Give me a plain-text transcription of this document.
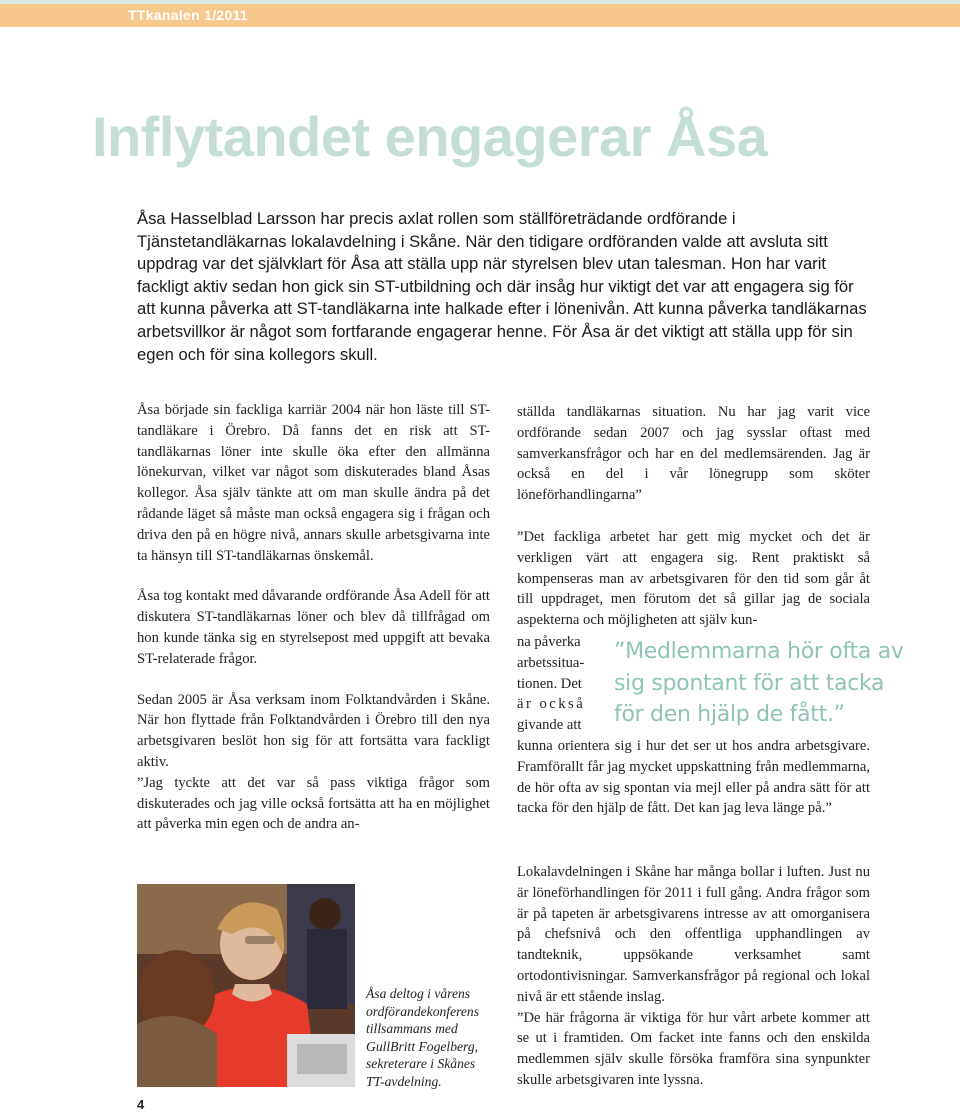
TTkanalen 1/2011
Inflytandet engagerar Åsa

Åsa Hasselblad Larsson har precis axlat rollen som ställföreträdande ordförande i Tjänstetandläkarnas lokalavdelning i Skåne. När den tidigare ordföranden valde att avsluta sitt uppdrag var det självklart för Åsa att ställa upp när styrelsen blev utan talesman. Hon har varit fackligt aktiv sedan hon gick sin ST-utbildning och där insåg hur viktigt det var att engagera sig för att kunna påverka att ST-tandläkarna inte halkade efter i lönenivån. Att kunna påverka tandläkarnas arbetsvillkor är något som fortfarande engagerar henne. För Åsa är det viktigt att ställa upp för sin egen och för sina kollegors skull.

Åsa började sin fackliga karriär 2004 när hon läste till ST-tandläkare i Örebro. Då fanns det en risk att ST-tandläkarnas löner inte skulle öka efter den allmänna lönekurvan, vilket var något som diskuterades bland Åsas kollegor. Åsa själv tänkte att om man skulle ändra på det rådande läget så måste man också engagera sig i frågan och driva den på en högre nivå, annars skulle arbetsgivarna inte ta hänsyn till ST-tandläkarnas önskemål.

Åsa tog kontakt med dåvarande ordförande Åsa Adell för att diskutera ST-tandläkarnas löner och blev då tillfrågad om hon kunde tänka sig en styrelsepost med uppgift att bevaka ST-relaterade frågor.

Sedan 2005 är Åsa verksam inom Folktandvården i Skåne. När hon flyttade från Folktandvården i Örebro till den nya arbetsgivaren beslöt hon sig för att fortsätta vara fackligt aktiv.

”Jag tyckte att det var så pass viktiga frågor som diskuterades och jag ville också fortsätta att ha en möjlighet att påverka min egen och de andra an-

ställda tandläkarnas situation. Nu har jag varit vice ordförande sedan 2007 och jag sysslar oftast med samverkansfrågor och har en del medlemsärenden. Jag är också en del i vår lönegrupp som sköter löneförhandlingarna”

”Det fackliga arbetet har gett mig mycket och det är verkligen värt att engagera sig. Rent praktiskt så kompenseras man av arbetsgivaren för den tid som går åt till uppdraget, men förutom det så gillar jag de sociala aspekterna och möjligheten att själv kun-

na påverka
arbetssitua-
tionen. Det
är också
givande att

”Medlemmarna hör ofta av sig spontant för att tacka för den hjälp de fått.”

kunna orientera sig i hur det ser ut hos andra arbetsgivare. Framförallt får jag mycket uppskattning från medlemmarna, de hör ofta av sig spontan via mejl eller på andra sätt för att tacka för den hjälp de fått. Det kan jag leva länge på.”

Lokalavdelningen i Skåne har många bollar i luften. Just nu är löneförhandlingen för 2011 i full gång. Andra frågor som är på tapeten är arbetsgivarens intresse av att omorganisera på chefsnivå och den offentliga upphandlingen av tandteknik, uppsökande verksamhet samt ortodontivisningar. Samverkansfrågor på regional och lokal nivå är ett stående inslag.

”De här frågorna är viktiga för hur vårt arbete kommer att se ut i framtiden. Om facket inte fanns och den enskilda medlemmen själv skulle försöka framföra sina synpunkter skulle arbetsgivaren inte lyssna.

Åsa deltog i vårens ordförandekonferens tillsammans med GullBritt Fogelberg, sekreterare i Skånes TT-avdelning.

4
